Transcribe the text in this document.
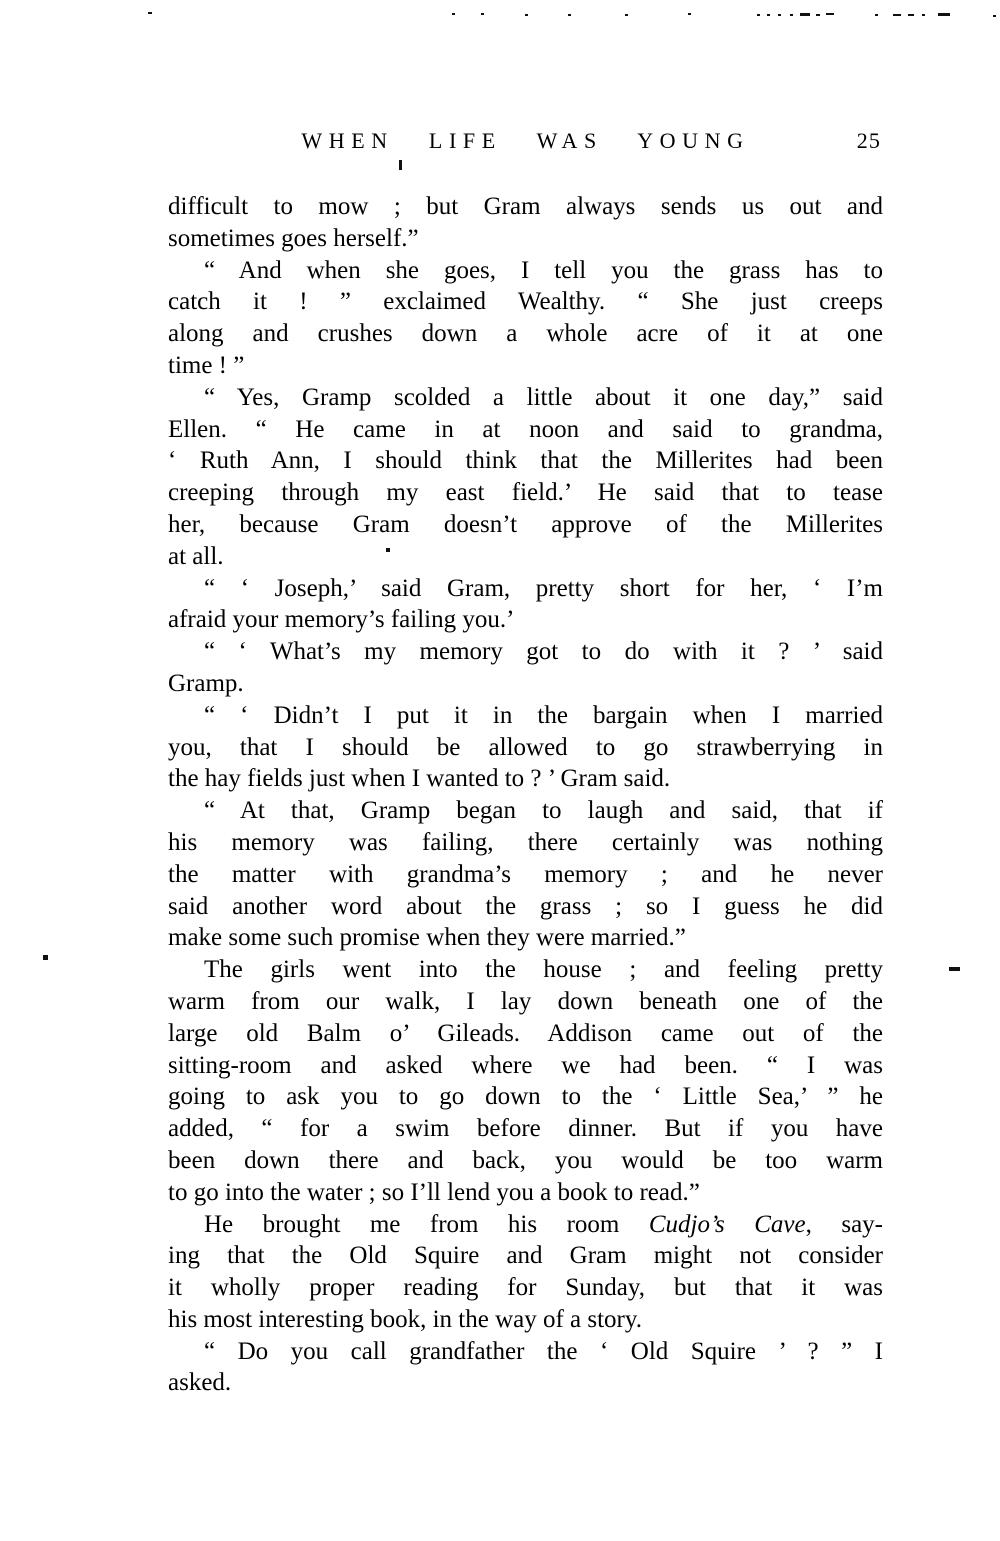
WHEN LIFE WAS YOUNG	25
difficult to mow ; but Gram always sends us out and
sometimes goes herself.”
“ And when she goes, I tell you the grass has to
catch it ! ” exclaimed Wealthy. “ She just creeps
along and crushes down a whole acre of it at one
time ! ”
“ Yes, Gramp scolded a little about it one day,” said
Ellen. “ He came in at noon and said to grandma,
‘ Ruth Ann, I should think that the Millerites had been
creeping through my east field.’ He said that to tease
her, because Gram doesn’t approve of the Millerites
at all.
“ ‘ Joseph,’ said Gram, pretty short for her, ‘ I’m
afraid your memory’s failing you.’
“ ‘ What’s my memory got to do with it ? ’ said
Gramp.
“ ‘ Didn’t I put it in the bargain when I married
you, that I should be allowed to go strawberrying in
the hay fields just when I wanted to ? ’ Gram said.
“ At that, Gramp began to laugh and said, that if
his memory was failing, there certainly was nothing
the matter with grandma’s memory ; and he never
said another word about the grass ; so I guess he did
make some such promise when they were married.”
The girls went into the house ; and feeling pretty
warm from our walk, I lay down beneath one of the
large old Balm o’ Gileads. Addison came out of the
sitting-room and asked where we had been. “ I was
going to ask you to go down to the ‘ Little Sea,’ ” he
added, “ for a swim before dinner. But if you have
been down there and back, you would be too warm
to go into the water ; so I’ll lend you a book to read.”
He brought me from his room Cudjo’s Cave, say-
ing that the Old Squire and Gram might not consider
it wholly proper reading for Sunday, but that it was
his most interesting book, in the way of a story.
“ Do you call grandfather the ‘ Old Squire ’ ? ” I
asked.
